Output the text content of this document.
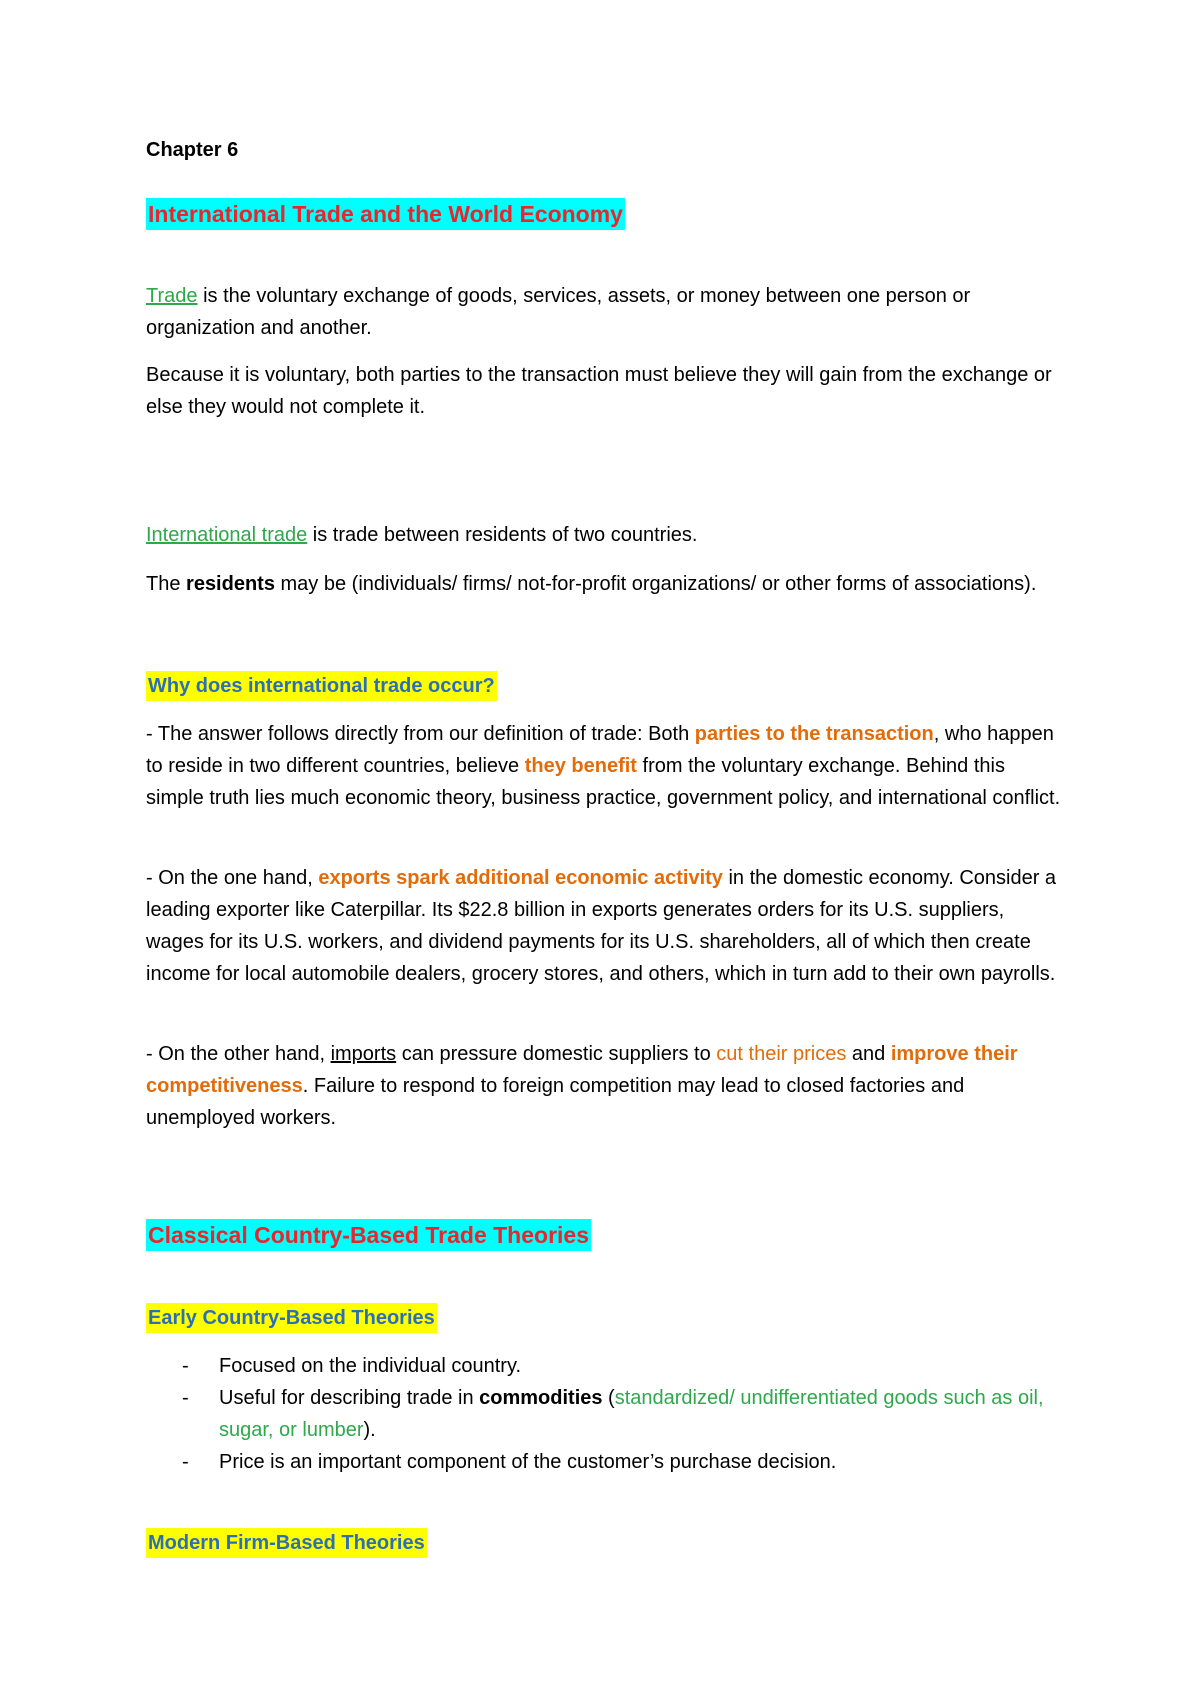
Chapter 6

International Trade and the World Economy

Trade is the voluntary exchange of goods, services, assets, or money between one person or organization and another.

Because it is voluntary, both parties to the transaction must believe they will gain from the exchange or else they would not complete it.

International trade is trade between residents of two countries.

The residents may be (individuals/ firms/ not-for-profit organizations/ or other forms of associations).

Why does international trade occur?

- The answer follows directly from our definition of trade: Both parties to the transaction, who happen to reside in two different countries, believe they benefit from the voluntary exchange. Behind this simple truth lies much economic theory, business practice, government policy, and international conflict.

- On the one hand, exports spark additional economic activity in the domestic economy. Consider a leading exporter like Caterpillar. Its $22.8 billion in exports generates orders for its U.S. suppliers, wages for its U.S. workers, and dividend payments for its U.S. shareholders, all of which then create income for local automobile dealers, grocery stores, and others, which in turn add to their own payrolls.

- On the other hand, imports can pressure domestic suppliers to cut their prices and improve their competitiveness. Failure to respond to foreign competition may lead to closed factories and unemployed workers.

Classical Country-Based Trade Theories

Early Country-Based Theories

- Focused on the individual country.
- Useful for describing trade in commodities (standardized/ undifferentiated goods such as oil, sugar, or lumber).
- Price is an important component of the customer’s purchase decision.

Modern Firm-Based Theories
